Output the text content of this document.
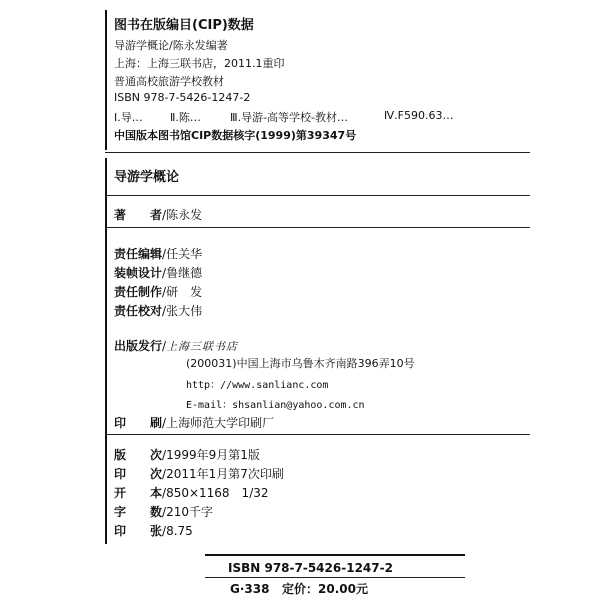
图书在版编目(CIP)数据
导游学概论/陈永发编著
上海：上海三联书店，2011.1重印
普通高校旅游学校教材
ISBN 978-7-5426-1247-2
Ⅰ.导… Ⅱ.陈…	Ⅲ.导游-高等学校-教材…	Ⅳ.F590.63…
中国版本图书馆CIP数据核字(1999)第39347号
导游学概论
著　　者/陈永发
责任编辑/任关华
装帧设计/鲁继德
责任制作/研　发
责任校对/张大伟
出版发行/上海三联书店
(200031)中国上海市乌鲁木齐南路396弄10号
http：//www.sanlianc.com
E-mail：shsanlian@yahoo.com.cn
印　　刷/上海师范大学印刷厂
版　　次/1999年9月第1版
印　　次/2011年1月第7次印刷
开　　本/850×1168　1/32
字　　数/210千字
印　　张/8.75
ISBN 978-7-5426-1247-2
G·338 定价：20.00元
